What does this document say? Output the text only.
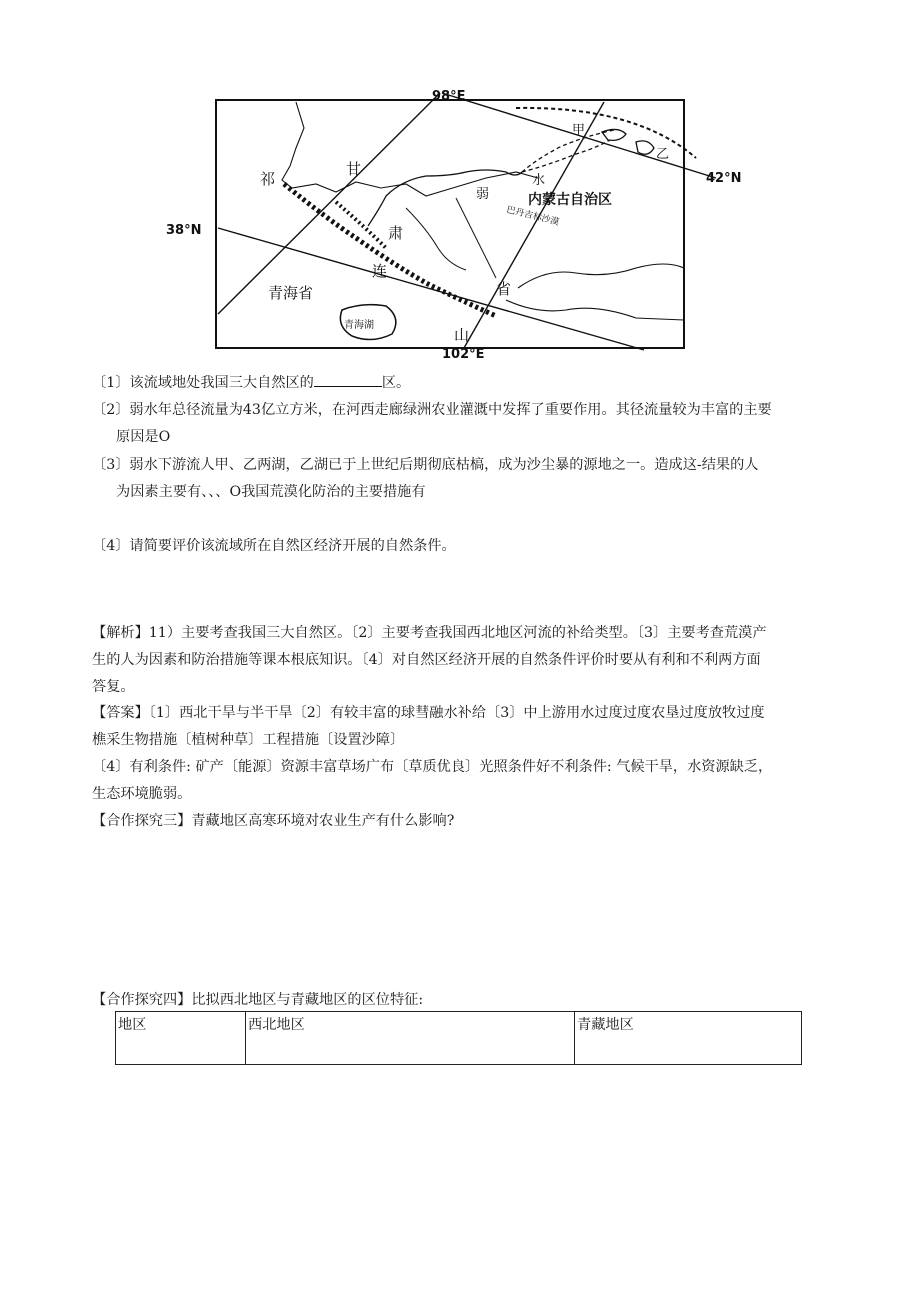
98°E
102°E
38°N
42°N
祁
甘
肃
连
省
山
青海省
青海湖
内蒙古自治区
巴丹吉林沙漠
甲
乙
弱
水

〔1〕该流域地处我国三大自然区的	区。

〔2〕弱水年总径流量为43亿立方米，在河西走廊绿洲农业灌溉中发挥了重要作用。其径流量较为丰富的主要
原因是O

〔3〕弱水下游流人甲、乙两湖，乙湖已于上世纪后期彻底枯槁，成为沙尘暴的源地之一。造成这-结果的人
为因素主要有、、、O我国荒漠化防治的主要措施有

〔4〕请简要评价该流域所在自然区经济开展的自然条件。

【解析】11）主要考查我国三大自然区。〔2〕主要考查我国西北地区河流的补给类型。〔3〕主要考查荒漠产
生的人为因素和防治措施等课本根底知识。〔4〕对自然区经济开展的自然条件评价时要从有利和不利两方面
答复。

【答案】〔1〕西北干旱与半干旱〔2〕有较丰富的球彗融水补给〔3〕中上游用水过度过度农垦过度放牧过度
樵采生物措施〔植树种草〕工程措施〔设置沙障〕
〔4〕有利条件: 矿产〔能源〕资源丰富草场广布〔草质优良〕光照条件好不利条件: 气候干旱，水资源缺乏，
生态环境脆弱。

【合作探究三】青藏地区高寒环境对农业生产有什么影响?

【合作探究四】比拟西北地区与青藏地区的区位特征:

地区	西北地区	青藏地区
